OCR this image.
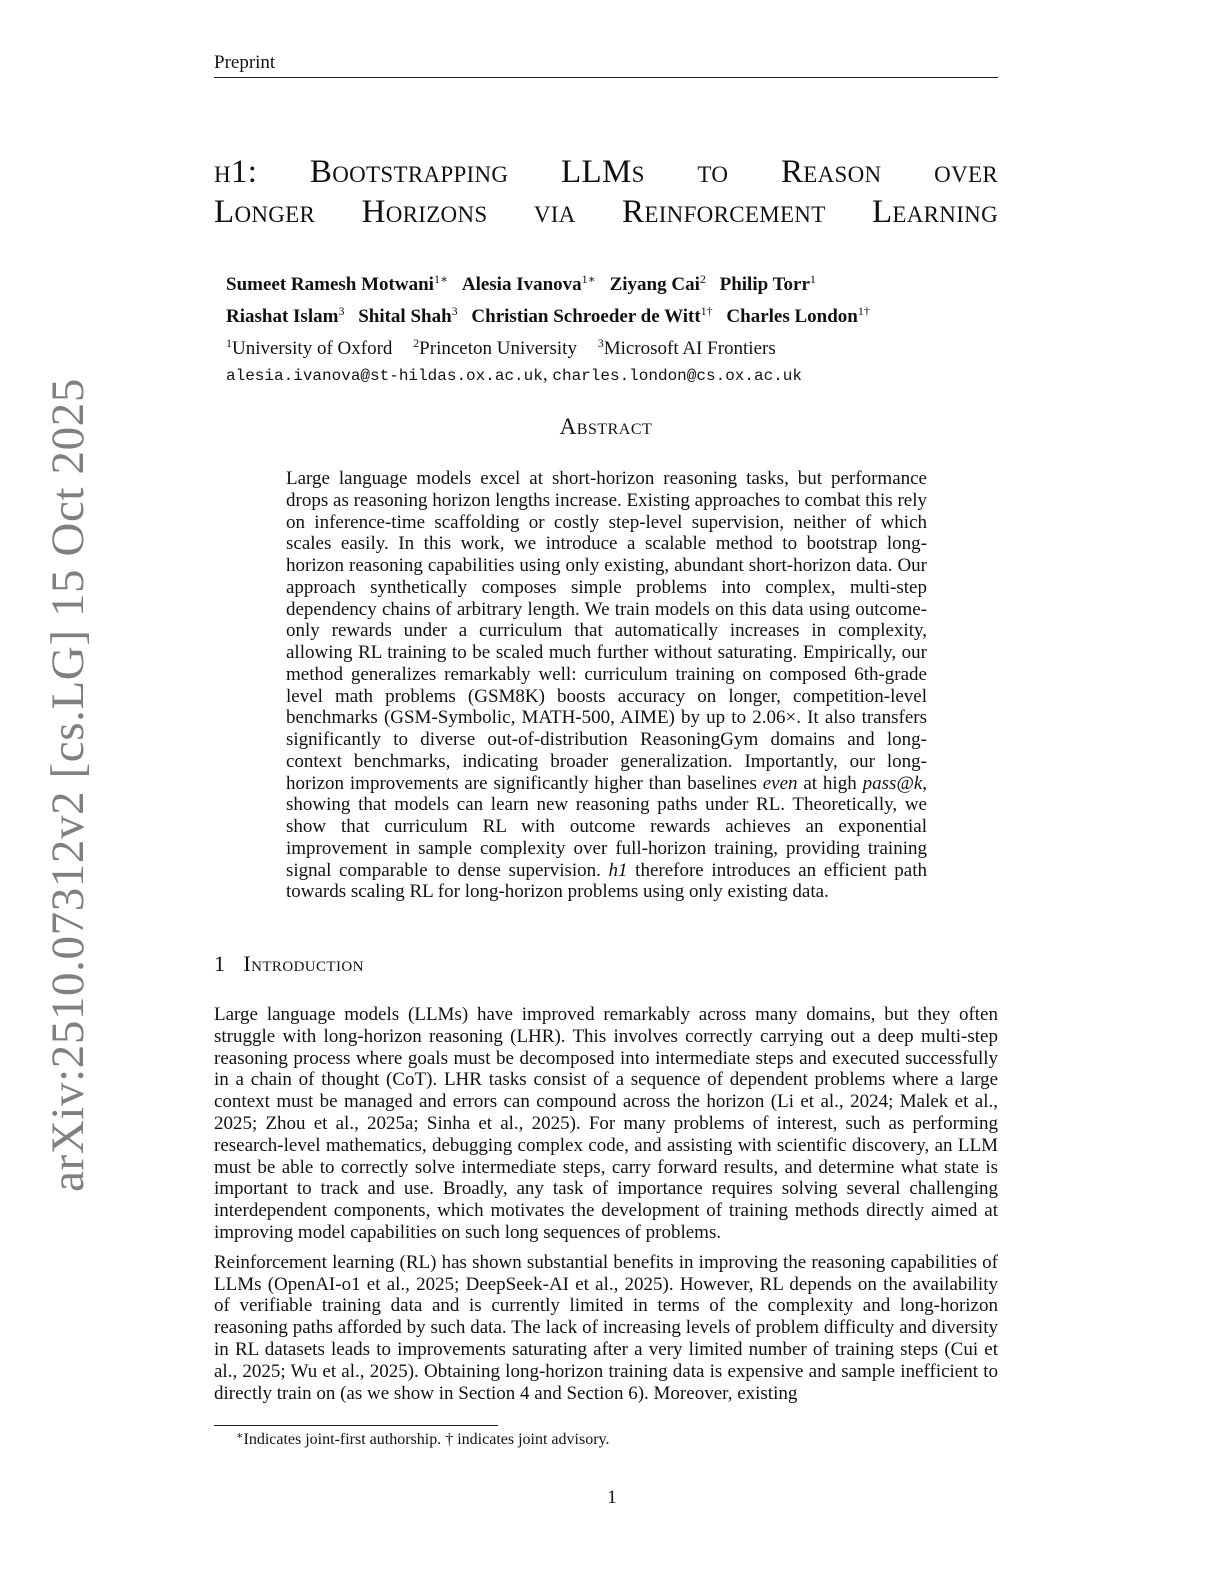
Preprint
arXiv:2510.07312v2 [cs.LG] 15 Oct 2025
h1: Bootstrapping LLMs to Reason over
Longer Horizons via Reinforcement Learning
Sumeet Ramesh Motwani$^{1∗}$ Alesia Ivanova$^{1∗}$ Ziyang Cai$^2$ Philip Torr$^1$
Riashat Islam$^3$ Shital Shah$^3$ Christian Schroeder de Witt$^{1\dagger}$ Charles London$^{1\dagger}$
$^1$University of Oxford $^2$Princeton University $^3$Microsoft AI Frontiers
alesia.ivanova@st-hildas.ox.ac.uk, charles.london@cs.ox.ac.uk
Abstract
Large language models excel at short-horizon reasoning tasks, but performance drops as reasoning horizon lengths increase. Existing approaches to combat this rely on inference-time scaffolding or costly step-level supervision, neither of which scales easily. In this work, we introduce a scalable method to bootstrap long-horizon reasoning capabilities using only existing, abundant short-horizon data. Our approach synthetically composes simple problems into complex, multi-step dependency chains of arbitrary length. We train models on this data using outcome-only rewards under a curriculum that automatically increases in complexity, allowing RL training to be scaled much further without saturating. Empirically, our method generalizes remarkably well: curriculum training on composed 6th-grade level math problems (GSM8K) boosts accuracy on longer, competition-level benchmarks (GSM-Symbolic, MATH-500, AIME) by up to 2.06×. It also transfers significantly to diverse out-of-distribution ReasoningGym domains and long-context benchmarks, indicating broader generalization. Importantly, our long-horizon improvements are significantly higher than baselines even at high pass@k, showing that models can learn new reasoning paths under RL. Theoretically, we show that curriculum RL with outcome rewards achieves an exponential improvement in sample complexity over full-horizon training, providing training signal comparable to dense supervision. h1 therefore introduces an efficient path towards scaling RL for long-horizon problems using only existing data.
1 Introduction

Large language models (LLMs) have improved remarkably across many domains, but they often struggle with long-horizon reasoning (LHR). This involves correctly carrying out a deep multi-step reasoning process where goals must be decomposed into intermediate steps and executed successfully in a chain of thought (CoT). LHR tasks consist of a sequence of dependent problems where a large context must be managed and errors can compound across the horizon (Li et al., 2024; Malek et al., 2025; Zhou et al., 2025a; Sinha et al., 2025). For many problems of interest, such as performing research-level mathematics, debugging complex code, and assisting with scientific discovery, an LLM must be able to correctly solve intermediate steps, carry forward results, and determine what state is important to track and use. Broadly, any task of importance requires solving several challenging interdependent components, which motivates the development of training methods directly aimed at improving model capabilities on such long sequences of problems.

Reinforcement learning (RL) has shown substantial benefits in improving the reasoning capabilities of LLMs (OpenAI-o1 et al., 2025; DeepSeek-AI et al., 2025). However, RL depends on the availability of verifiable training data and is currently limited in terms of the complexity and long-horizon reasoning paths afforded by such data. The lack of increasing levels of problem difficulty and diversity in RL datasets leads to improvements saturating after a very limited number of training steps (Cui et al., 2025; Wu et al., 2025). Obtaining long-horizon training data is expensive and sample inefficient to directly train on (as we show in Section 4 and Section 6). Moreover, existing

∗Indicates joint-first authorship. † indicates joint advisory.
1
